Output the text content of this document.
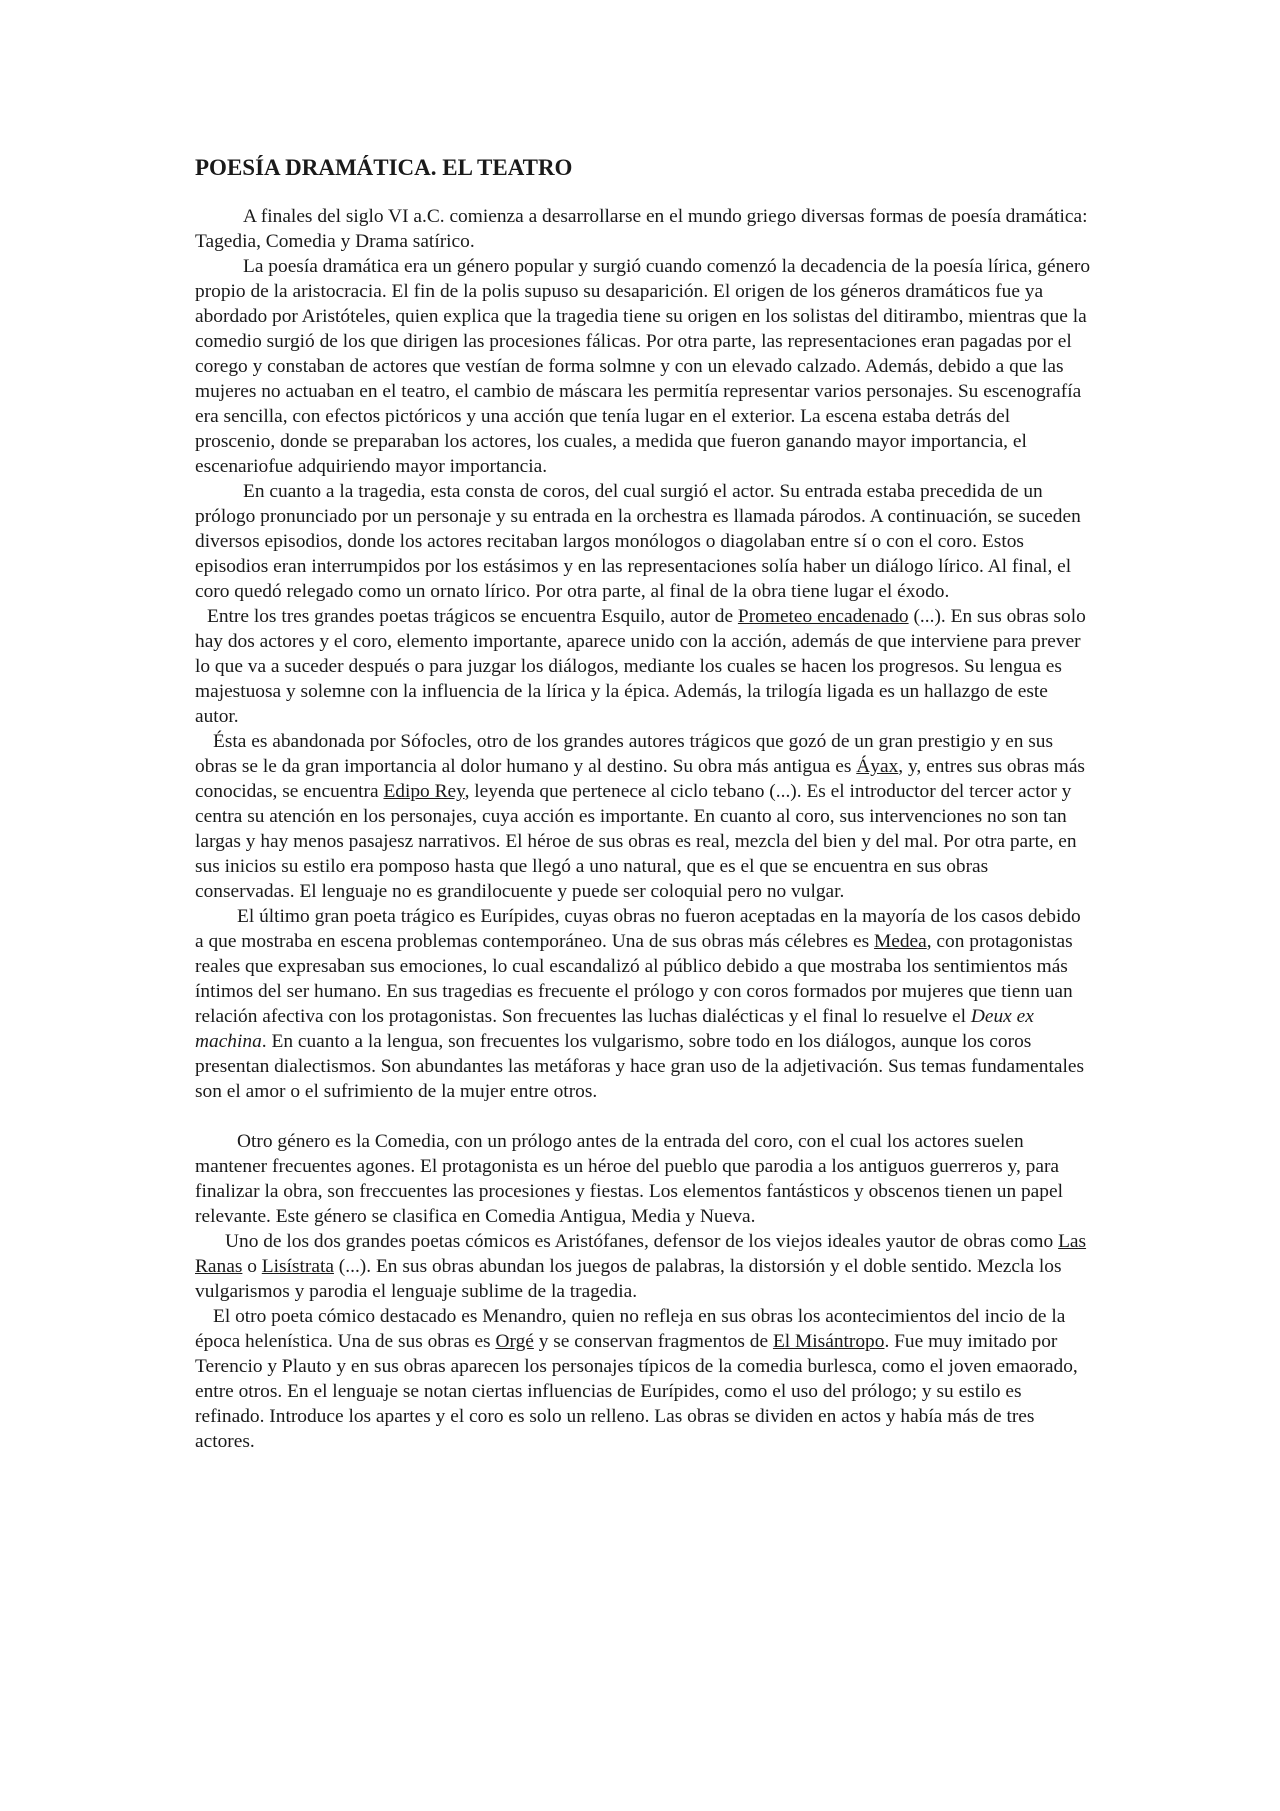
POESÍA DRAMÁTICA. EL TEATRO

A finales del siglo VI a.C. comienza a desarrollarse en el mundo griego diversas formas de poesía dramática: Tagedia, Comedia y Drama satírico.

La poesía dramática era un género popular y surgió cuando comenzó la decadencia de la poesía lírica, género propio de la aristocracia. El fin de la polis supuso su desaparición. El origen de los géneros dramáticos fue ya abordado por Aristóteles, quien explica que la tragedia tiene su origen en los solistas del ditirambo, mientras que la comedio surgió de los que dirigen las procesiones fálicas. Por otra parte, las representaciones eran pagadas por el corego y constaban de actores que vestían de forma solmne y con un elevado calzado. Además, debido a que las mujeres no actuaban en el teatro, el cambio de máscara les permitía representar varios personajes. Su escenografía era sencilla, con efectos pictóricos y una acción que tenía lugar en el exterior. La escena estaba detrás del proscenio, donde se preparaban los actores, los cuales, a medida que fueron ganando mayor importancia, el escenariofue adquiriendo mayor importancia.

En cuanto a la tragedia, esta consta de coros, del cual surgió el actor. Su entrada estaba precedida de un prólogo pronunciado por un personaje y su entrada en la orchestra es llamada párodos. A continuación, se suceden diversos episodios, donde los actores recitaban largos monólogos o diagolaban entre sí o con el coro. Estos episodios eran interrumpidos por los estásimos y en las representaciones solía haber un diálogo lírico. Al final, el coro quedó relegado como un ornato lírico. Por otra parte, al final de la obra tiene lugar el éxodo.

Entre los tres grandes poetas trágicos se encuentra Esquilo, autor de Prometeo encadenado (...). En sus obras solo hay dos actores y el coro, elemento importante, aparece unido con la acción, además de que interviene para prever lo que va a suceder después o para juzgar los diálogos, mediante los cuales se hacen los progresos. Su lengua es majestuosa y solemne con la influencia de la lírica y la épica. Además, la trilogía ligada es un hallazgo de este autor.

Ésta es abandonada por Sófocles, otro de los grandes autores trágicos que gozó de un gran prestigio y en sus obras se le da gran importancia al dolor humano y al destino. Su obra más antigua es Áyax, y, entres sus obras más conocidas, se encuentra Edipo Rey, leyenda que pertenece al ciclo tebano (...). Es el introductor del tercer actor y centra su atención en los personajes, cuya acción es importante. En cuanto al coro, sus intervenciones no son tan largas y hay menos pasajesz narrativos. El héroe de sus obras es real, mezcla del bien y del mal. Por otra parte, en sus inicios su estilo era pomposo hasta que llegó a uno natural, que es el que se encuentra en sus obras conservadas. El lenguaje no es grandilocuente y puede ser coloquial pero no vulgar.

El último gran poeta trágico es Eurípides, cuyas obras no fueron aceptadas en la mayoría de los casos debido a que mostraba en escena problemas contemporáneo. Una de sus obras más célebres es Medea, con protagonistas reales que expresaban sus emociones, lo cual escandalizó al público debido a que mostraba los sentimientos más íntimos del ser humano. En sus tragedias es frecuente el prólogo y con coros formados por mujeres que tienn uan relación afectiva con los protagonistas. Son frecuentes las luchas dialécticas y el final lo resuelve el Deux ex machina. En cuanto a la lengua, son frecuentes los vulgarismo, sobre todo en los diálogos, aunque los coros presentan dialectismos. Son abundantes las metáforas y hace gran uso de la adjetivación. Sus temas fundamentales son el amor o el sufrimiento de la mujer entre otros.

Otro género es la Comedia, con un prólogo antes de la entrada del coro, con el cual los actores suelen mantener frecuentes agones. El protagonista es un héroe del pueblo que parodia a los antiguos guerreros y, para finalizar la obra, son freccuentes las procesiones y fiestas. Los elementos fantásticos y obscenos tienen un papel relevante. Este género se clasifica en Comedia Antigua, Media y Nueva.

Uno de los dos grandes poetas cómicos es Aristófanes, defensor de los viejos ideales yautor de obras como Las Ranas o Lisístrata (...). En sus obras abundan los juegos de palabras, la distorsión y el doble sentido. Mezcla los vulgarismos y parodia el lenguaje sublime de la tragedia.

El otro poeta cómico destacado es Menandro, quien no refleja en sus obras los acontecimientos del incio de la época helenística. Una de sus obras es Orgé y se conservan fragmentos de El Misántropo. Fue muy imitado por Terencio y Plauto y en sus obras aparecen los personajes típicos de la comedia burlesca, como el joven emaorado, entre otros. En el lenguaje se notan ciertas influencias de Eurípides, como el uso del prólogo; y su estilo es refinado. Introduce los apartes y el coro es solo un relleno. Las obras se dividen en actos y había más de tres actores.
